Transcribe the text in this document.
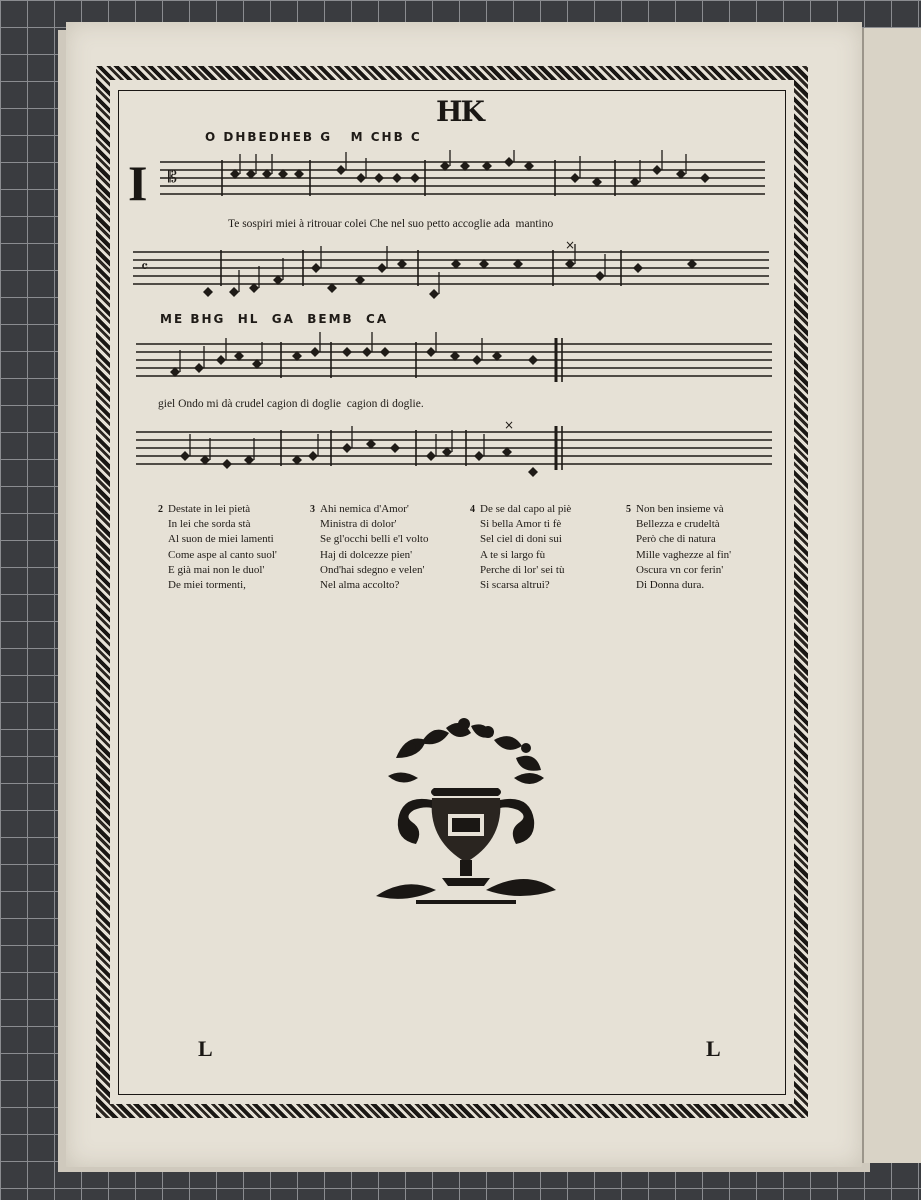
HK
O DHBEDHEB G   M CHB C
I 𝄡
Te sospiri miei à ritrouar colei Che nel suo petto accoglie ada  mantino
𝄴
×
ME BHG  HL  GA  BEMB  CA
giel Ondo mi dà crudel cagion di doglie  cagion di doglie.
×
2 Destate in lei pietà
In lei che sorda stà
Al suon de miei lamenti
Come aspe al canto suol'
E già mai non le duol'
De miei tormenti,
3 Ahi nemica d'Amor'
Ministra di dolor'
Se gl'occhi belli e'l volto
Haj di dolcezze pien'
Ond'hai sdegno e velen'
Nel alma accolto?
4 De se dal capo al piè
Si bella Amor ti fè
Sel ciel di doni sui
A te si largo fù
Perche di lor' sei tù
Si scarsa altrui?
5 Non ben insieme và
Bellezza e crudeltà
Però che di natura
Mille vaghezze al fin'
Oscura vn cor ferin'
Di Donna dura.
L	L
